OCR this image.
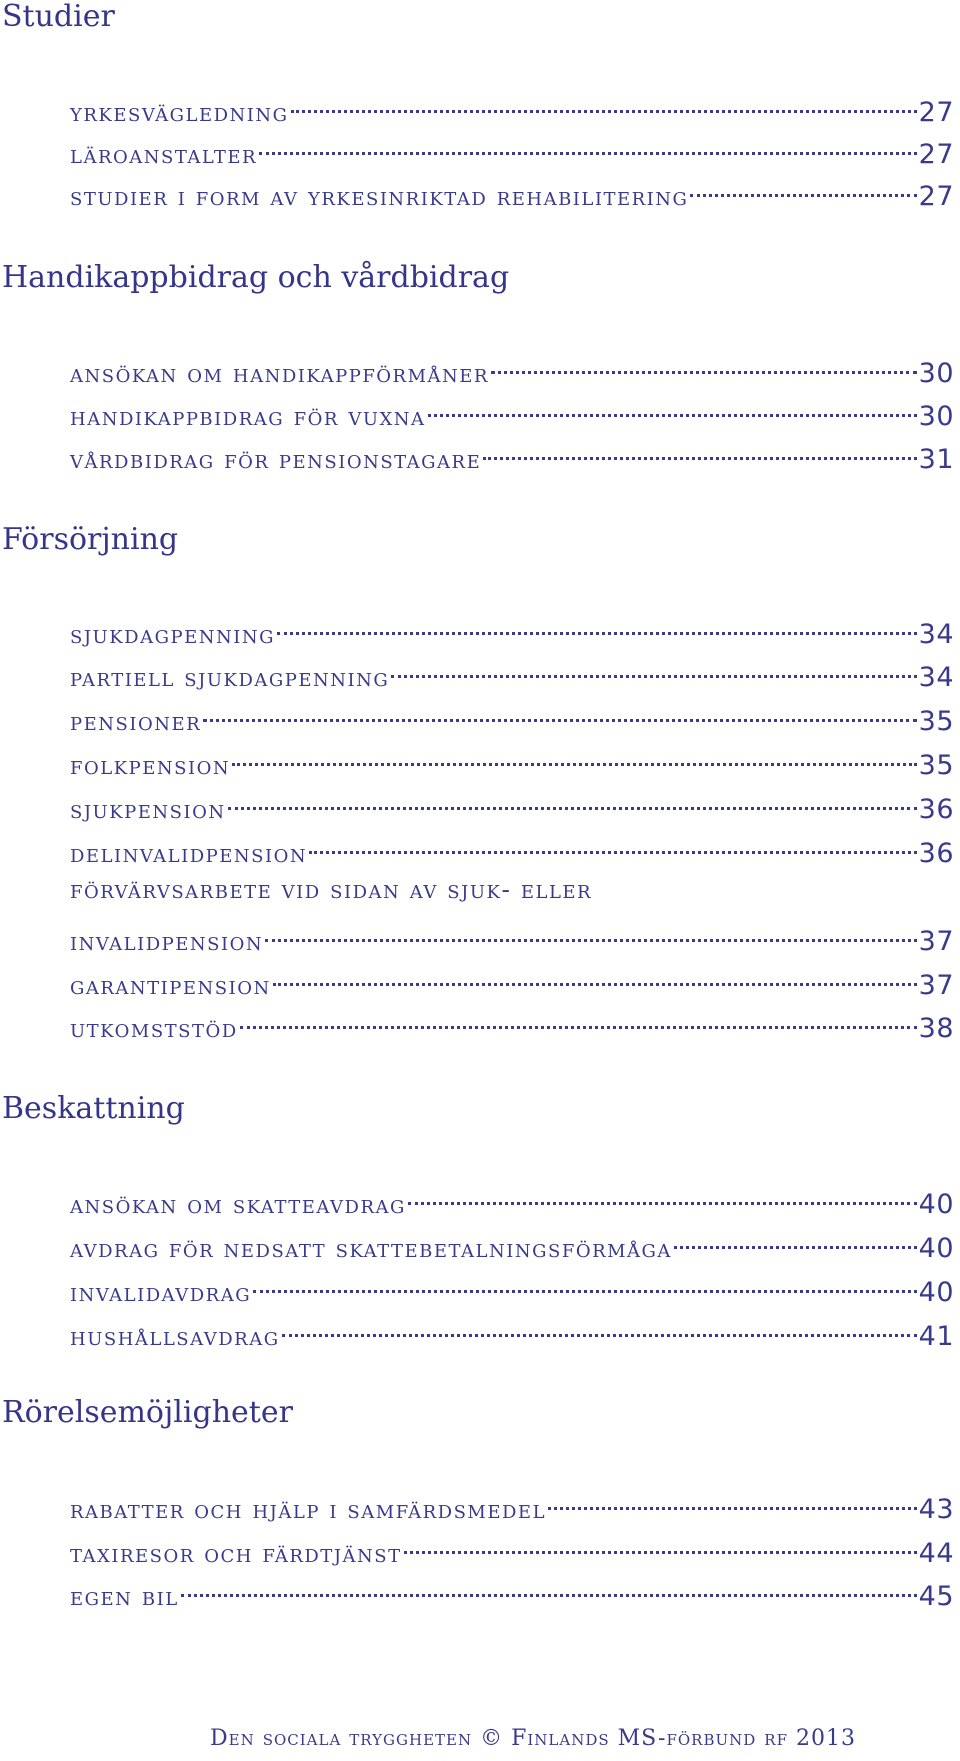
Studier
yrkesvägledning	27
läroanstalter	27
studier i form av yrkesinriktad rehabilitering	27
Handikappbidrag och vårdbidrag
ansökan om handikappförmåner	30
handikappbidrag för vuxna	30
vårdbidrag för pensionstagare	31
Försörjning
sjukdagpenning	34
partiell sjukdagpenning	34
pensioner	35
folkpension	35
sjukpension	36
delinvalidpension	36
förvärvsarbete vid sidan av sjuk- eller
invalidpension	37
garantipension	37
utkomststöd	38
Beskattning
ansökan om skatteavdrag	40
avdrag för nedsatt skattebetalningsförmåga	40
invalidavdrag	40
hushållsavdrag	41
Rörelsemöjligheter
rabatter och hjälp i samfärdsmedel	43
taxiresor och färdtjänst	44
egen bil	45
Den sociala tryggheten © Finlands MS-förbund rf 2013
